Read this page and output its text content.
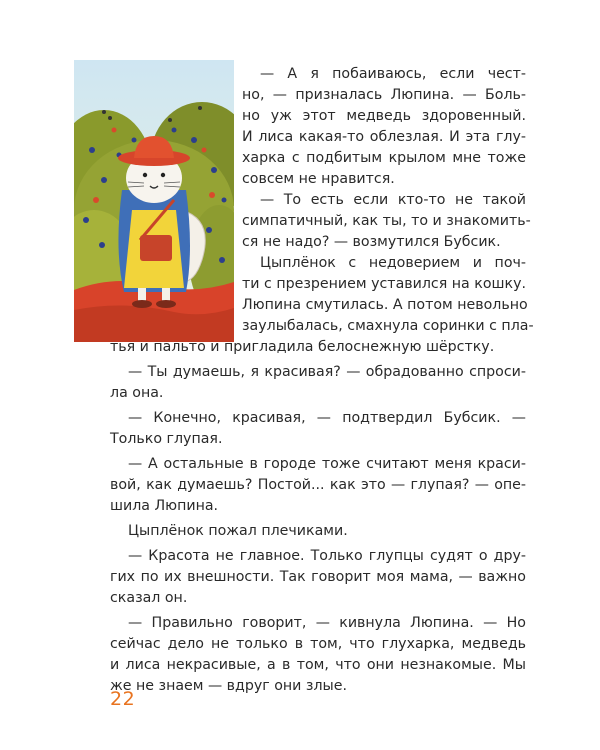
— А я побаиваюсь, если чест-
но, — призналась Люпина. — Боль-
но уж этот медведь здоровенный.
И лиса какая-то облезлая. И эта глу-
харка с подбитым крылом мне тоже
совсем не нравится.
— То есть если кто-то не такой
симпатичный, как ты, то и знакомить-
ся не надо? — возмутился Бубсик.
Цыплёнок с недоверием и поч-
ти с презрением уставился на кошку.
Люпина смутилась. А потом невольно
заулыбалась, смахнула соринки с пла-
тья и пальто и пригладила белоснежную шёрстку.
— Ты думаешь, я красивая? — обрадованно спроси-
ла она.
— Конечно, красивая, — подтвердил Бубсик. —
Только глупая.
— А остальные в городе тоже считают меня краси-
вой, как думаешь? Постой... как это — глупая? — опе-
шила Люпина.
Цыплёнок пожал плечиками.
— Красота не главное. Только глупцы судят о дру-
гих по их внешности. Так говорит моя мама, — важно
сказал он.
— Правильно говорит, — кивнула Люпина. — Но
сейчас дело не только в том, что глухарка, медведь
и лиса некрасивые, а в том, что они незнакомые. Мы
же не знаем — вдруг они злые.
22
